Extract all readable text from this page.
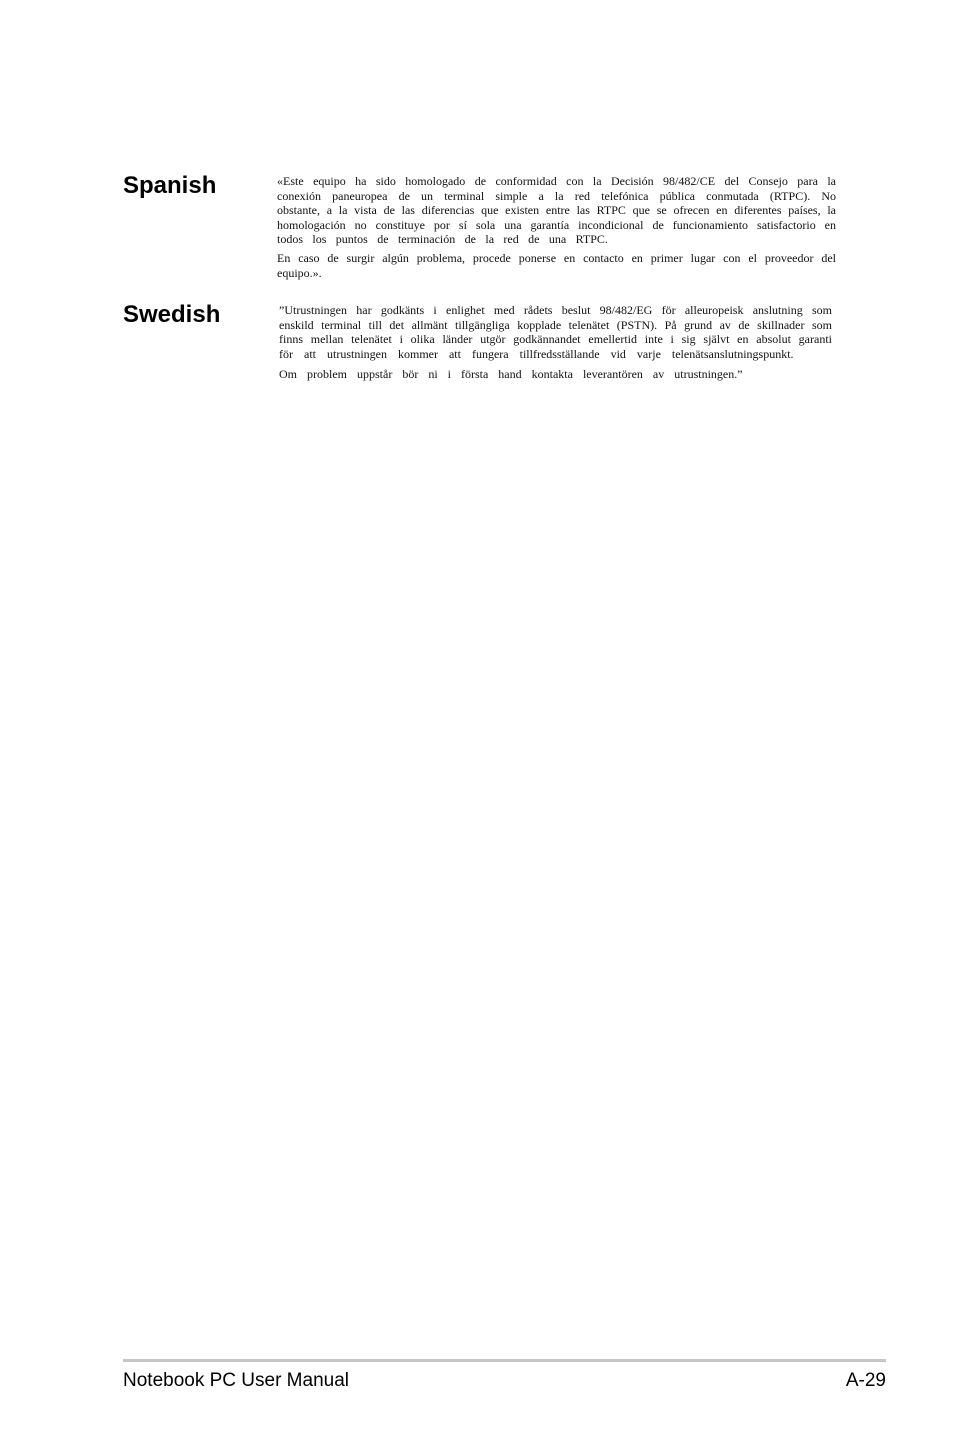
Spanish	«Este equipo ha sido homologado de conformidad con la Decisión 98/482/CE del Consejo para la
conexión paneuropea de un terminal simple a la red telefónica pública conmutada (RTPC). No
obstante, a la vista de las diferencias que existen entre las RTPC que se ofrecen en diferentes países, la
homologación no constituye por sí sola una garantía incondicional de funcionamiento satisfactorio en
todos los puntos de terminación de la red de una RTPC.
En caso de surgir algún problema, procede ponerse en contacto en primer lugar con el proveedor del
equipo.».
Swedish	”Utrustningen har godkänts i enlighet med rådets beslut 98/482/EG för alleuropeisk anslutning som
enskild terminal till det allmänt tillgängliga kopplade telenätet (PSTN). På grund av de skillnader som
finns mellan telenätet i olika länder utgör godkännandet emellertid inte i sig självt en absolut garanti
för att utrustningen kommer att fungera tillfredsställande vid varje telenätsanslutningspunkt.
Om problem uppstår bör ni i första hand kontakta leverantören av utrustningen.”
Notebook PC User Manual	A-29
